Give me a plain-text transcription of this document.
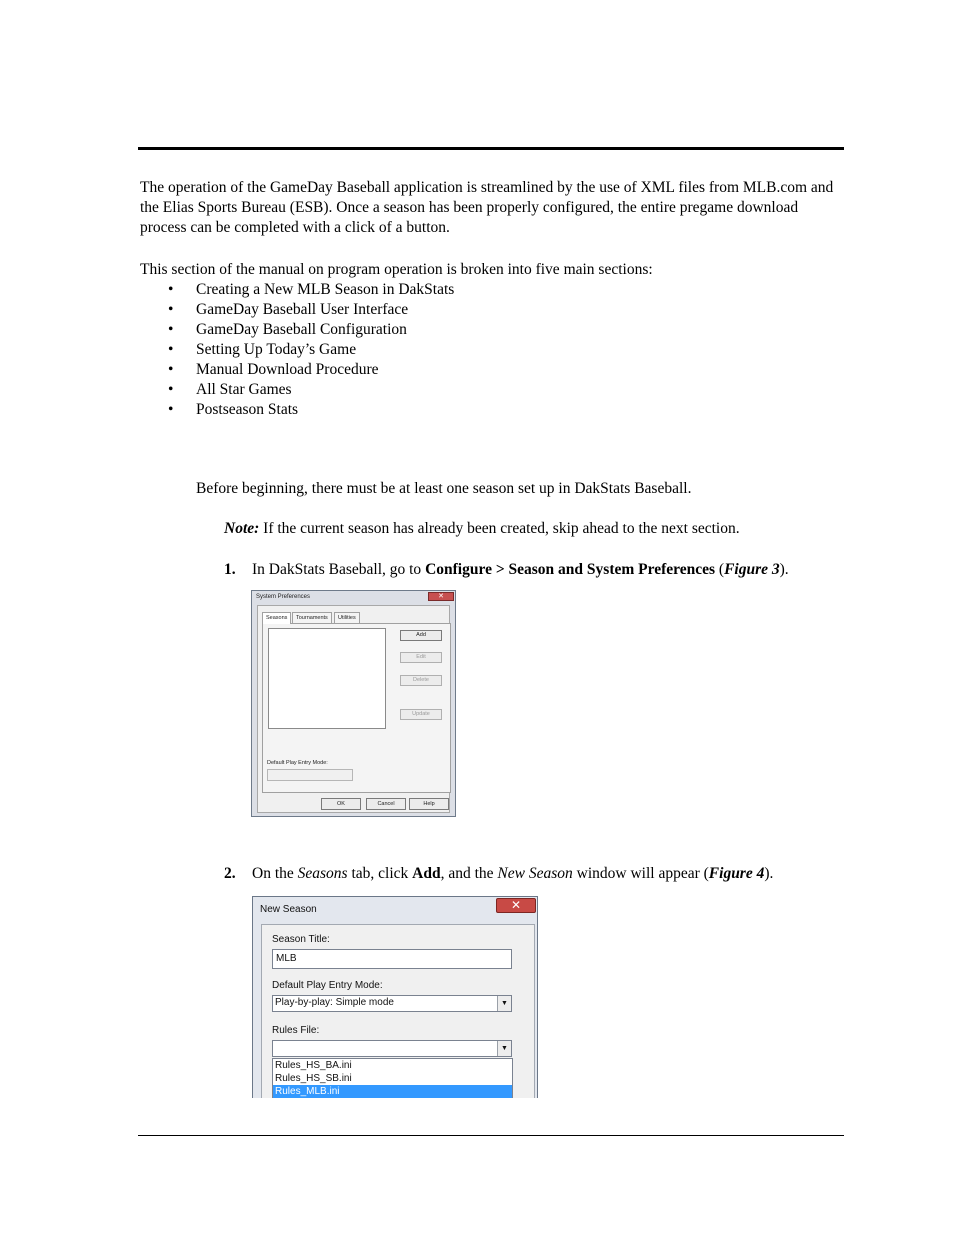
The operation of the GameDay Baseball application is streamlined by the use of XML files from MLB.com and the Elias Sports Bureau (ESB). Once a season has been properly configured, the entire pregame download process can be completed with a click of a button.

This section of the manual on program operation is broken into five main sections:

• Creating a New MLB Season in DakStats
• GameDay Baseball User Interface
• GameDay Baseball Configuration
• Setting Up Today’s Game
• Manual Download Procedure
• All Star Games
• Postseason Stats

Before beginning, there must be at least one season set up in DakStats Baseball.

Note: If the current season has already been created, skip ahead to the next section.

1. In DakStats Baseball, go to Configure > Season and System Preferences (Figure 3).
System Preferences	✕
Seasons	Tournaments	Utilities
Add
Edit
Delete
Update
Default Play Entry Mode:
OK	Cancel	Help
2. On the Seasons tab, click Add, and the New Season window will appear (Figure 4).
New Season	✕
Season Title:
MLB
Default Play Entry Mode:
Play-by-play: Simple mode	▼
Rules File:
▼
Rules_HS_BA.ini
Rules_HS_SB.ini
Rules_MLB.ini
